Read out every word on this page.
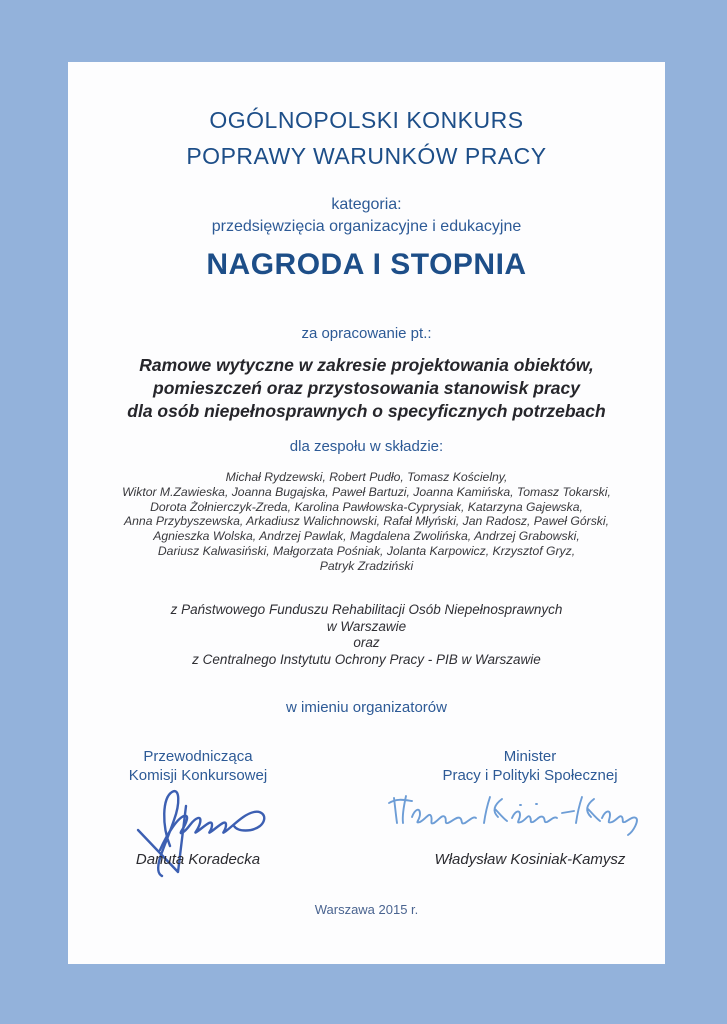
OGÓLNOPOLSKI KONKURS
POPRAWY WARUNKÓW PRACY
kategoria:
przedsięwzięcia organizacyjne i edukacyjne
NAGRODA I STOPNIA
za opracowanie pt.:
Ramowe wytyczne w zakresie projektowania obiektów,
pomieszczeń oraz przystosowania stanowisk pracy
dla osób niepełnosprawnych o specyficznych potrzebach
dla zespołu w składzie:
Michał Rydzewski, Robert Pudło, Tomasz Kościelny,
Wiktor M.Zawieska, Joanna Bugajska, Paweł Bartuzi, Joanna Kamińska, Tomasz Tokarski,
Dorota Żołnierczyk-Zreda, Karolina Pawłowska-Cyprysiak, Katarzyna Gajewska,
Anna Przybyszewska, Arkadiusz Walichnowski, Rafał Młyński, Jan Radosz, Paweł Górski,
Agnieszka Wolska, Andrzej Pawlak, Magdalena Zwolińska, Andrzej Grabowski,
Dariusz Kalwasiński, Małgorzata Pośniak, Jolanta Karpowicz, Krzysztof Gryz,
Patryk Zradziński
z Państwowego Funduszu Rehabilitacji Osób Niepełnosprawnych
w Warszawie
oraz
z Centralnego Instytutu Ochrony Pracy - PIB w Warszawie
w imieniu organizatorów
Przewodnicząca
Komisji Konkursowej
Minister
Pracy i Polityki Społecznej
Danuta Koradecka	Władysław Kosiniak-Kamysz
Warszawa 2015 r.
